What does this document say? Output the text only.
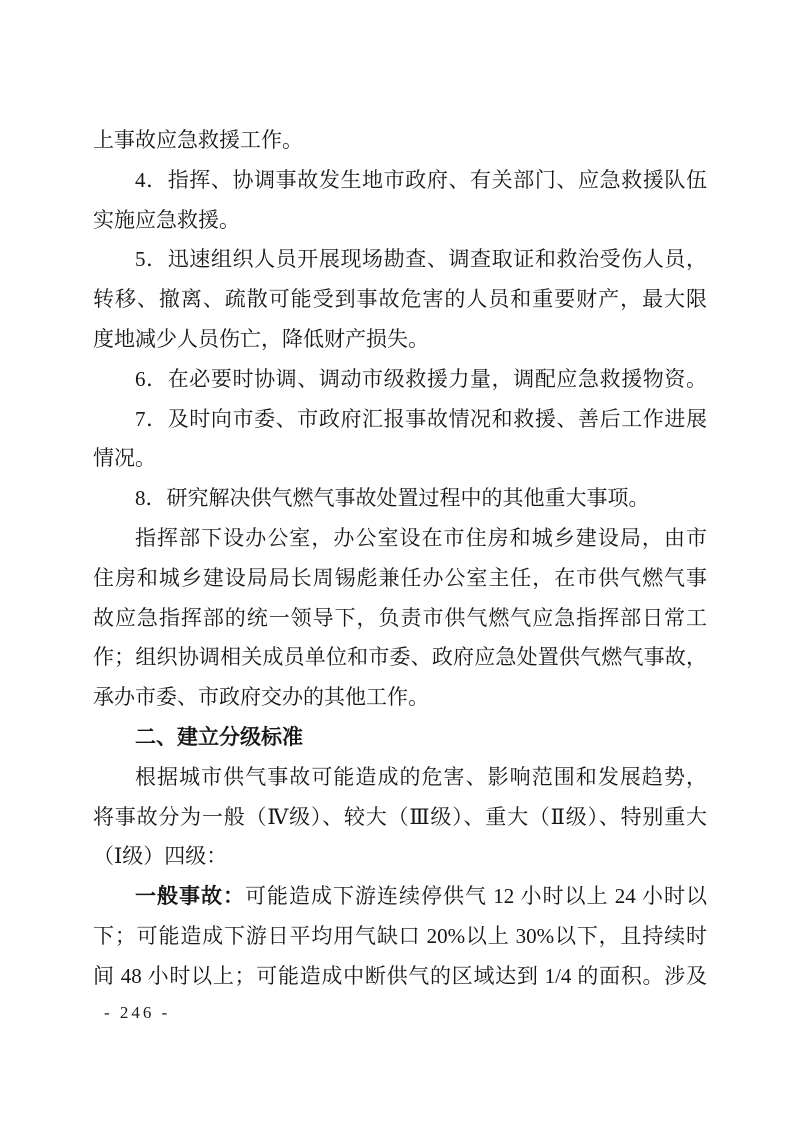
上事故应急救援工作。
4．指挥、协调事故发生地市政府、有关部门、应急救援队伍
实施应急救援。
5．迅速组织人员开展现场勘查、调查取证和救治受伤人员，
转移、撤离、疏散可能受到事故危害的人员和重要财产，最大限
度地减少人员伤亡，降低财产损失。
6．在必要时协调、调动市级救援力量，调配应急救援物资。
7．及时向市委、市政府汇报事故情况和救援、善后工作进展
情况。
8．研究解决供气燃气事故处置过程中的其他重大事项。
指挥部下设办公室，办公室设在市住房和城乡建设局，由市
住房和城乡建设局局长周锡彪兼任办公室主任，在市供气燃气事
故应急指挥部的统一领导下，负责市供气燃气应急指挥部日常工
作；组织协调相关成员单位和市委、政府应急处置供气燃气事故，
承办市委、市政府交办的其他工作。
二、建立分级标准
根据城市供气事故可能造成的危害、影响范围和发展趋势，
将事故分为一般（Ⅳ级）、较大（Ⅲ级）、重大（Ⅱ级）、特别重大
（Ⅰ级）四级：
一般事故：可能造成下游连续停供气 12 小时以上 24 小时以
下；可能造成下游日平均用气缺口 20%以上 30%以下，且持续时
间 48 小时以上；可能造成中断供气的区域达到 1/4 的面积。涉及
- 246 -
